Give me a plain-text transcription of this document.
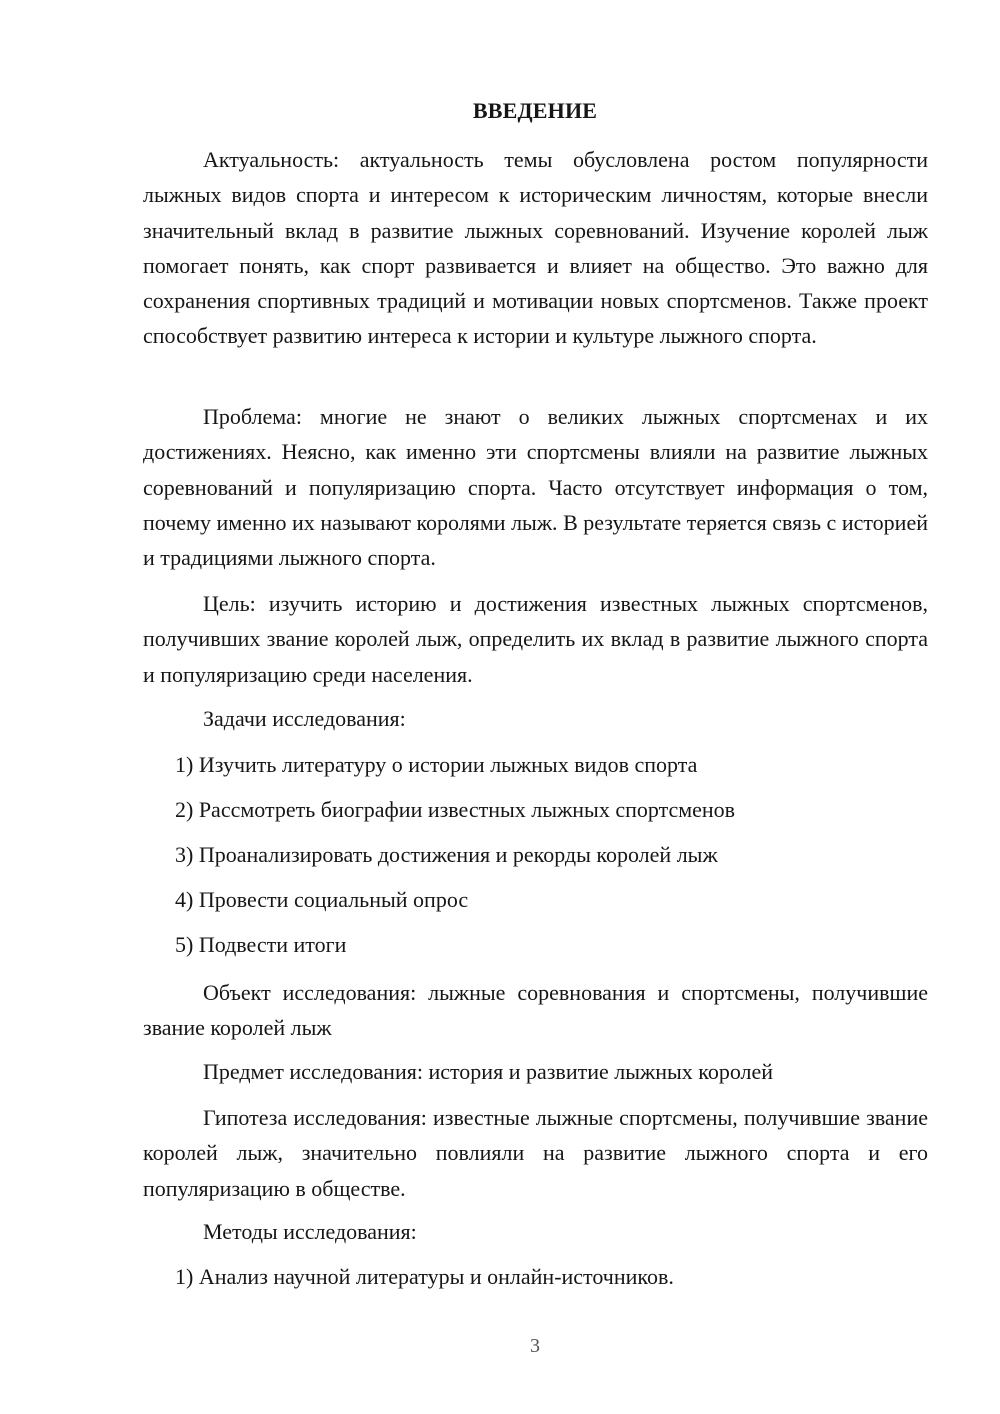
ВВЕДЕНИЕ

Актуальность: актуальность темы обусловлена ростом популярности лыжных видов спорта и интересом к историческим личностям, которые внесли значительный вклад в развитие лыжных соревнований. Изучение королей лыж помогает понять, как спорт развивается и влияет на общество. Это важно для сохранения спортивных традиций и мотивации новых спортсменов. Также проект способствует развитию интереса к истории и культуре лыжного спорта.

Проблема: многие не знают о великих лыжных спортсменах и их достижениях. Неясно, как именно эти спортсмены влияли на развитие лыжных соревнований и популяризацию спорта. Часто отсутствует информация о том, почему именно их называют королями лыж. В результате теряется связь с историей и традициями лыжного спорта.

Цель: изучить историю и достижения известных лыжных спортсменов, получивших звание королей лыж, определить их вклад в развитие лыжного спорта и популяризацию среди населения.

Задачи исследования:
1) Изучить литературу о истории лыжных видов спорта
2) Рассмотреть биографии известных лыжных спортсменов
3) Проанализировать достижения и рекорды королей лыж
4) Провести социальный опрос
5) Подвести итоги

Объект исследования: лыжные соревнования и спортсмены, получившие звание королей лыж

Предмет исследования: история и развитие лыжных королей

Гипотеза исследования: известные лыжные спортсмены, получившие звание королей лыж, значительно повлияли на развитие лыжного спорта и его популяризацию в обществе.

Методы исследования:
1) Анализ научной литературы и онлайн-источников.
3
